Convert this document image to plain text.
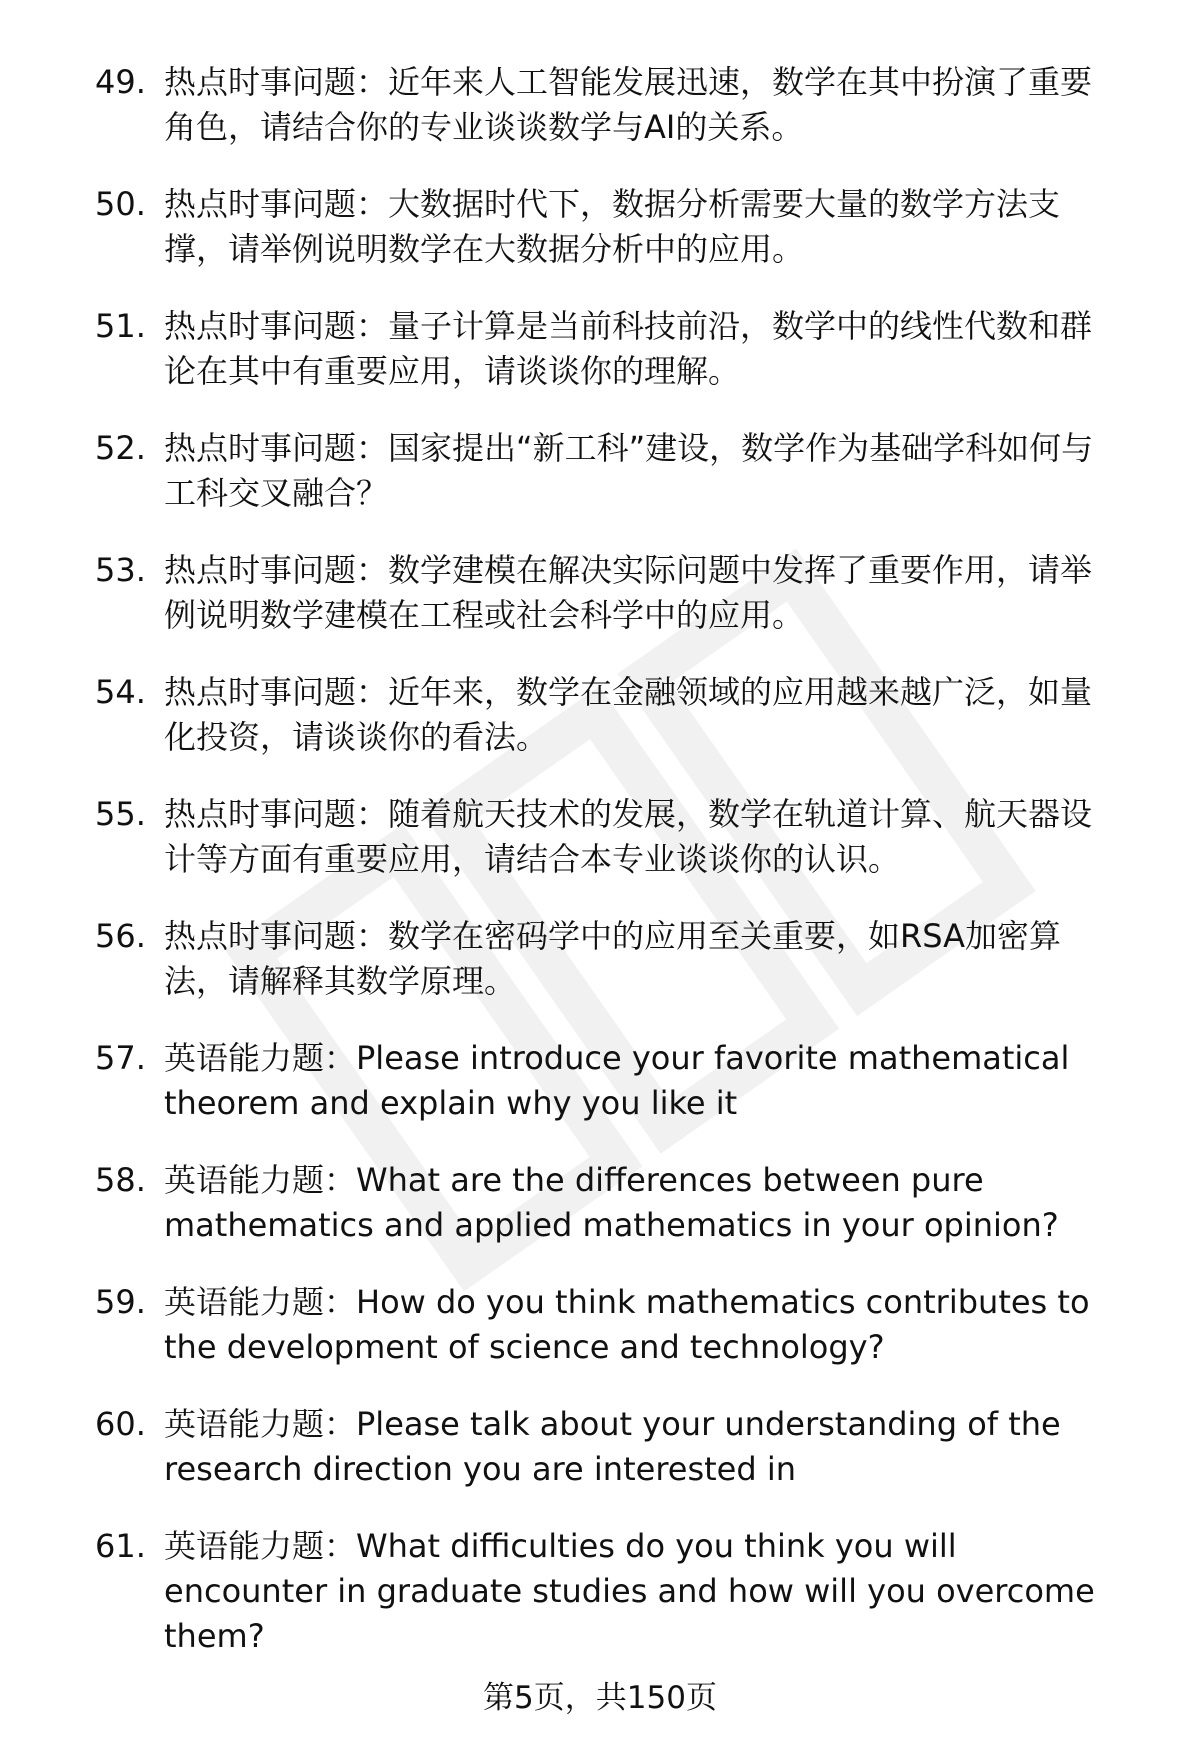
49. 热点时事问题：近年来人工智能发展迅速，数学在其中扮演了重要角色，请结合你的专业谈谈数学与AI的关系。
50. 热点时事问题：大数据时代下，数据分析需要大量的数学方法支撑，请举例说明数学在大数据分析中的应用。
51. 热点时事问题：量子计算是当前科技前沿，数学中的线性代数和群论在其中有重要应用，请谈谈你的理解。
52. 热点时事问题：国家提出“新工科”建设，数学作为基础学科如何与工科交叉融合？
53. 热点时事问题：数学建模在解决实际问题中发挥了重要作用，请举例说明数学建模在工程或社会科学中的应用。
54. 热点时事问题：近年来，数学在金融领域的应用越来越广泛，如量化投资，请谈谈你的看法。
55. 热点时事问题：随着航天技术的发展，数学在轨道计算、航天器设计等方面有重要应用，请结合本专业谈谈你的认识。
56. 热点时事问题：数学在密码学中的应用至关重要，如RSA加密算法，请解释其数学原理。
57. 英语能力题：Please introduce your favorite mathematical theorem and explain why you like it
58. 英语能力题：What are the differences between pure mathematics and applied mathematics in your opinion?
59. 英语能力题：How do you think mathematics contributes to the development of science and technology?
60. 英语能力题：Please talk about your understanding of the research direction you are interested in
61. 英语能力题：What difficulties do you think you will encounter in graduate studies and how will you overcome them?
第5页，共150页
